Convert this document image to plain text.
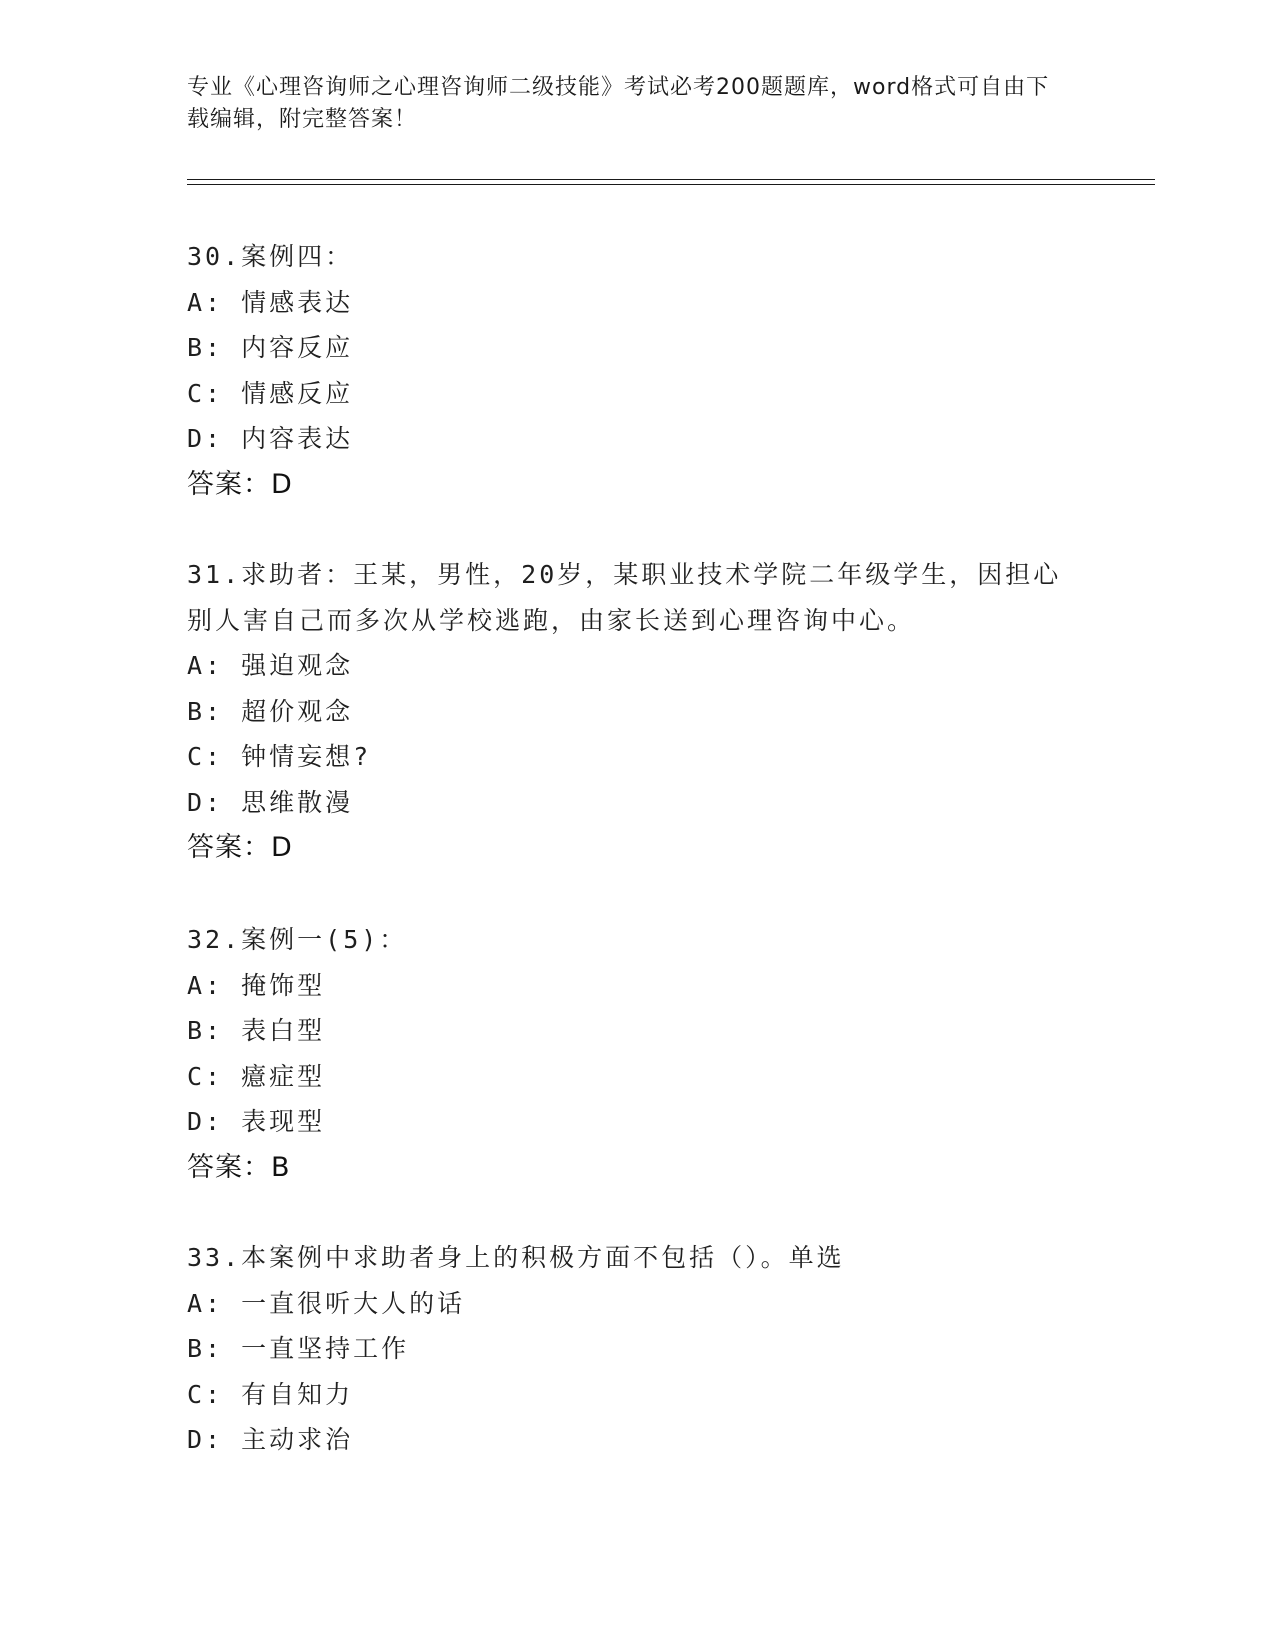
专业《心理咨询师之心理咨询师二级技能》考试必考200题题库，word格式可自由下载编辑，附完整答案！
30.案例四：
A: 情感表达
B: 内容反应
C: 情感反应
D: 内容表达
答案：D
31.求助者：王某，男性，20岁，某职业技术学院二年级学生，因担心别人害自己而多次从学校逃跑，由家长送到心理咨询中心。
A: 强迫观念
B: 超价观念
C: 钟情妄想?
D: 思维散漫
答案：D
32.案例一(5)：
A: 掩饰型
B: 表白型
C: 癔症型
D: 表现型
答案：B
33.本案例中求助者身上的积极方面不包括（）。单选
A: 一直很听大人的话
B: 一直坚持工作
C: 有自知力
D: 主动求治
